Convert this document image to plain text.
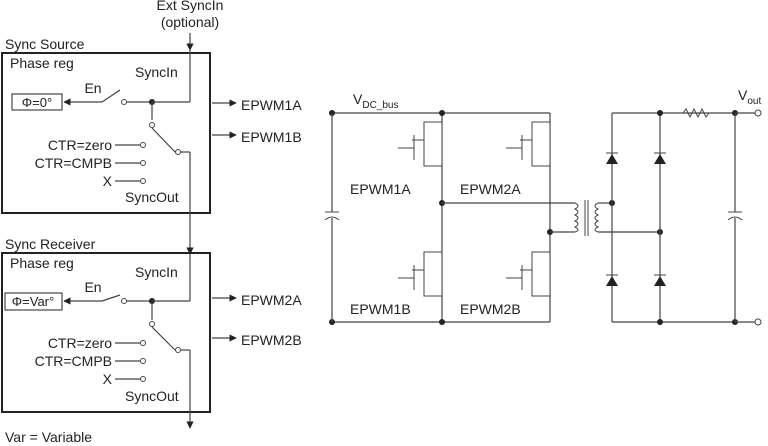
Ext SyncIn
(optional)
Sync Source
Phase reg
Φ=0°
En
SyncIn
CTR=zero
CTR=CMPB
X
SyncOut
EPWM1A
EPWM1B
Sync Receiver
Phase reg
Φ=Var°
En
SyncIn
CTR=zero
CTR=CMPB
X
SyncOut
EPWM2A
EPWM2B
Var = Variable
$V_{DC\_bus}$
EPWM1A	EPWM2A
EPWM1B	EPWM2B
$V_{out}$
